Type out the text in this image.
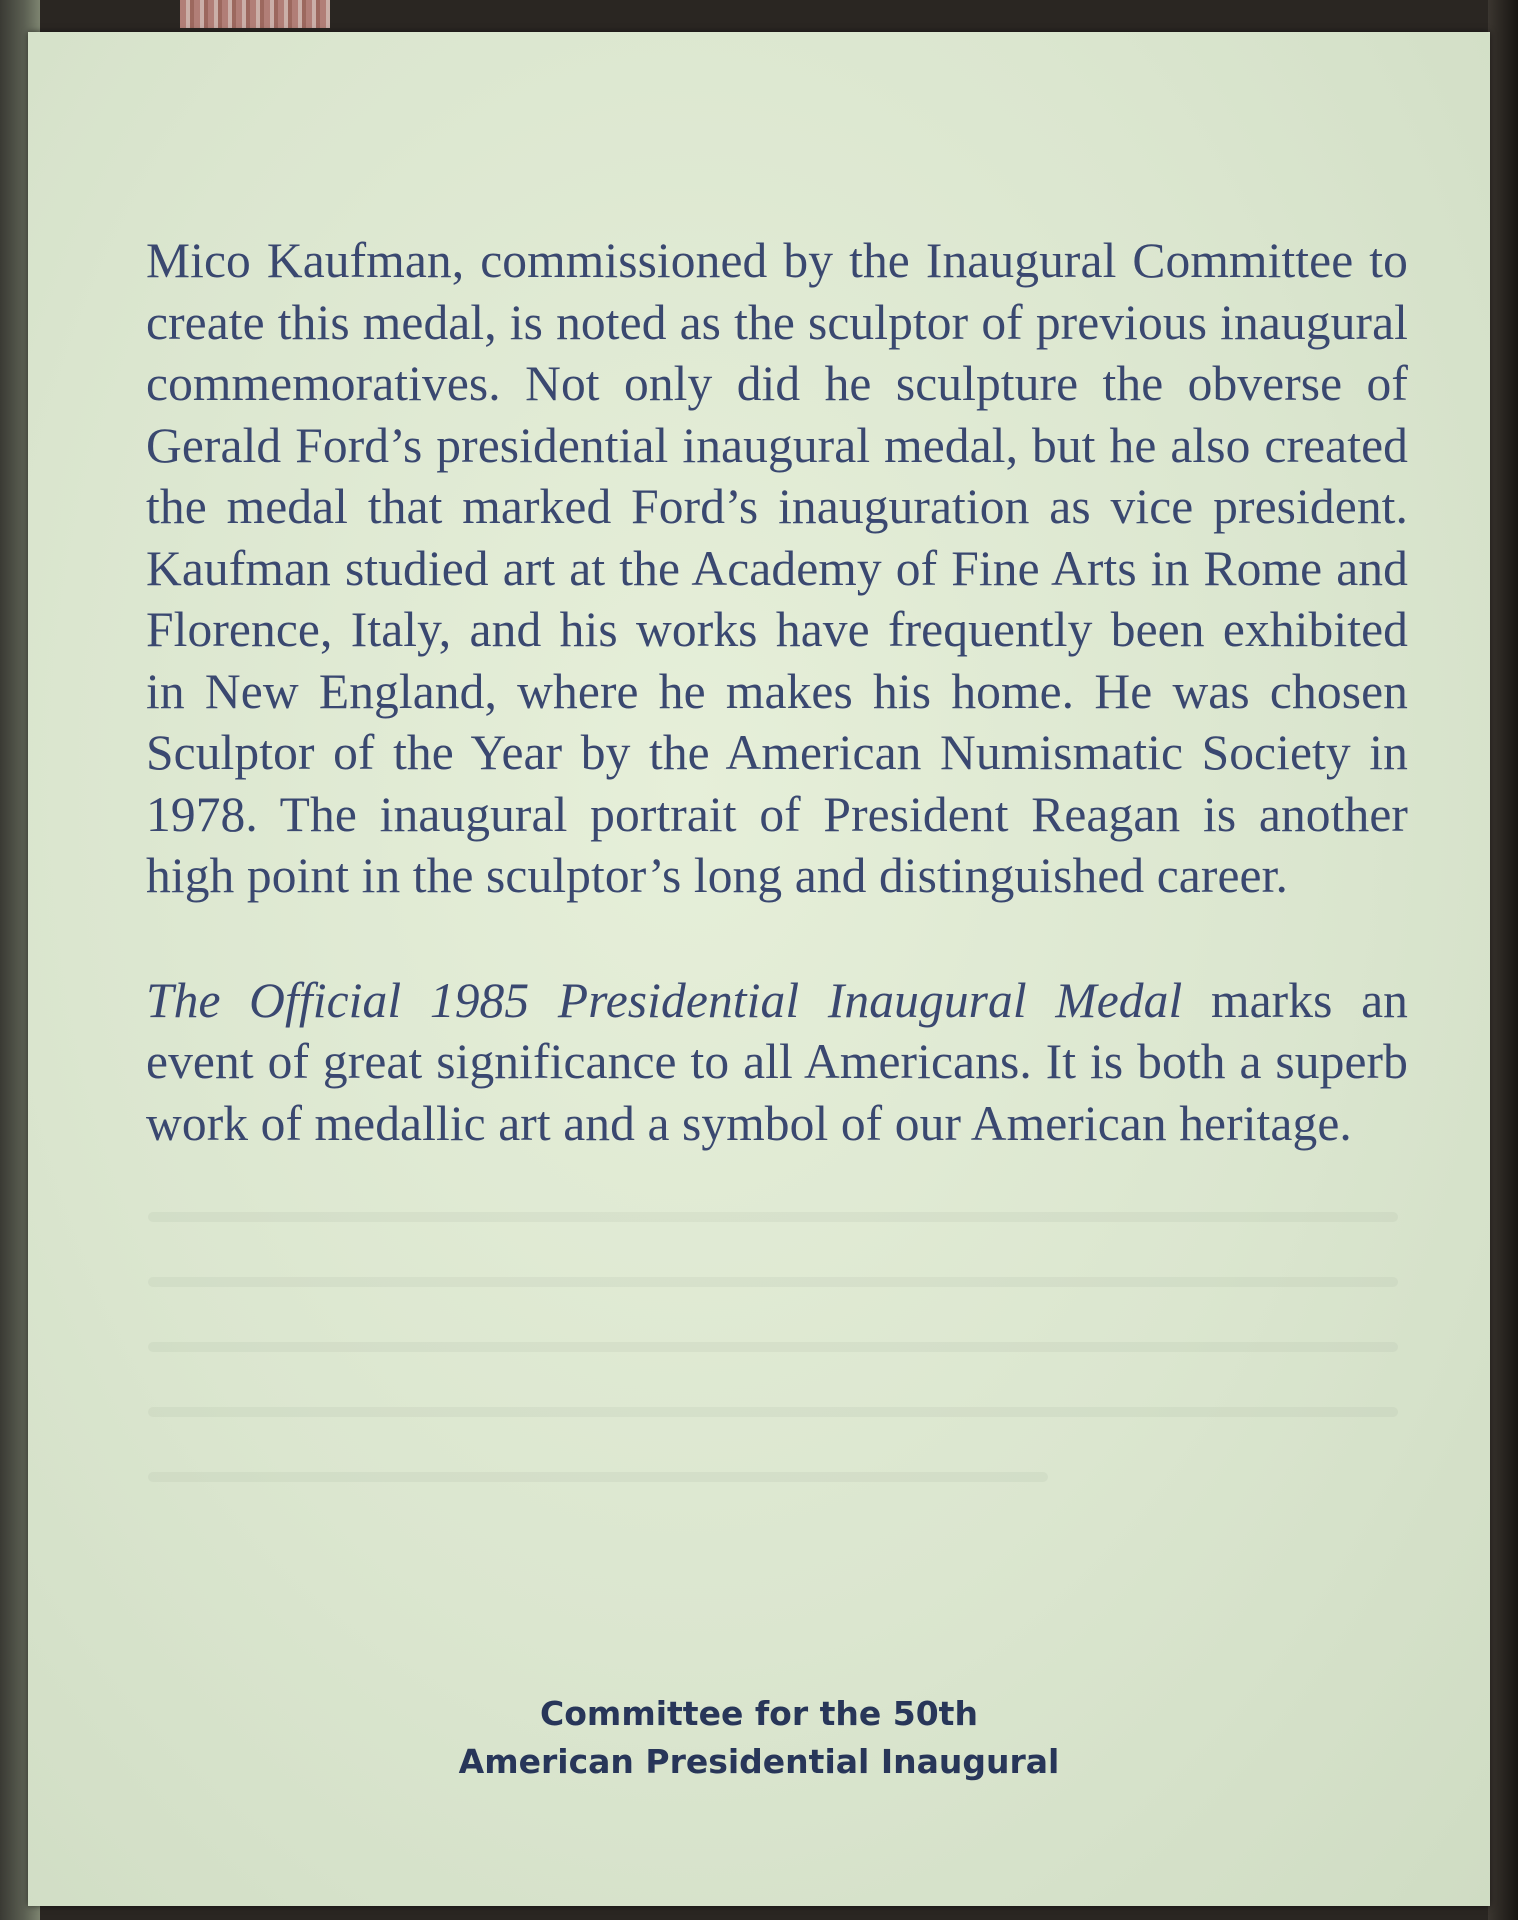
Mico Kaufman, commissioned by the Inaugural Committee to create this medal, is noted as the sculptor of previous inaugural commemoratives. Not only did he sculpture the obverse of Gerald Ford’s presidential inaugural medal, but he also created the medal that marked Ford’s inauguration as vice president. Kaufman studied art at the Academy of Fine Arts in Rome and Florence, Italy, and his works have frequently been exhibited in New England, where he makes his home. He was chosen Sculptor of the Year by the American Numismatic Society in 1978. The inaugural portrait of President Reagan is another high point in the sculptor’s long and distinguished career.

The Official 1985 Presidential Inaugural Medal marks an event of great significance to all Americans. It is both a superb work of medallic art and a symbol of our American heritage.

Committee for the 50th
American Presidential Inaugural
